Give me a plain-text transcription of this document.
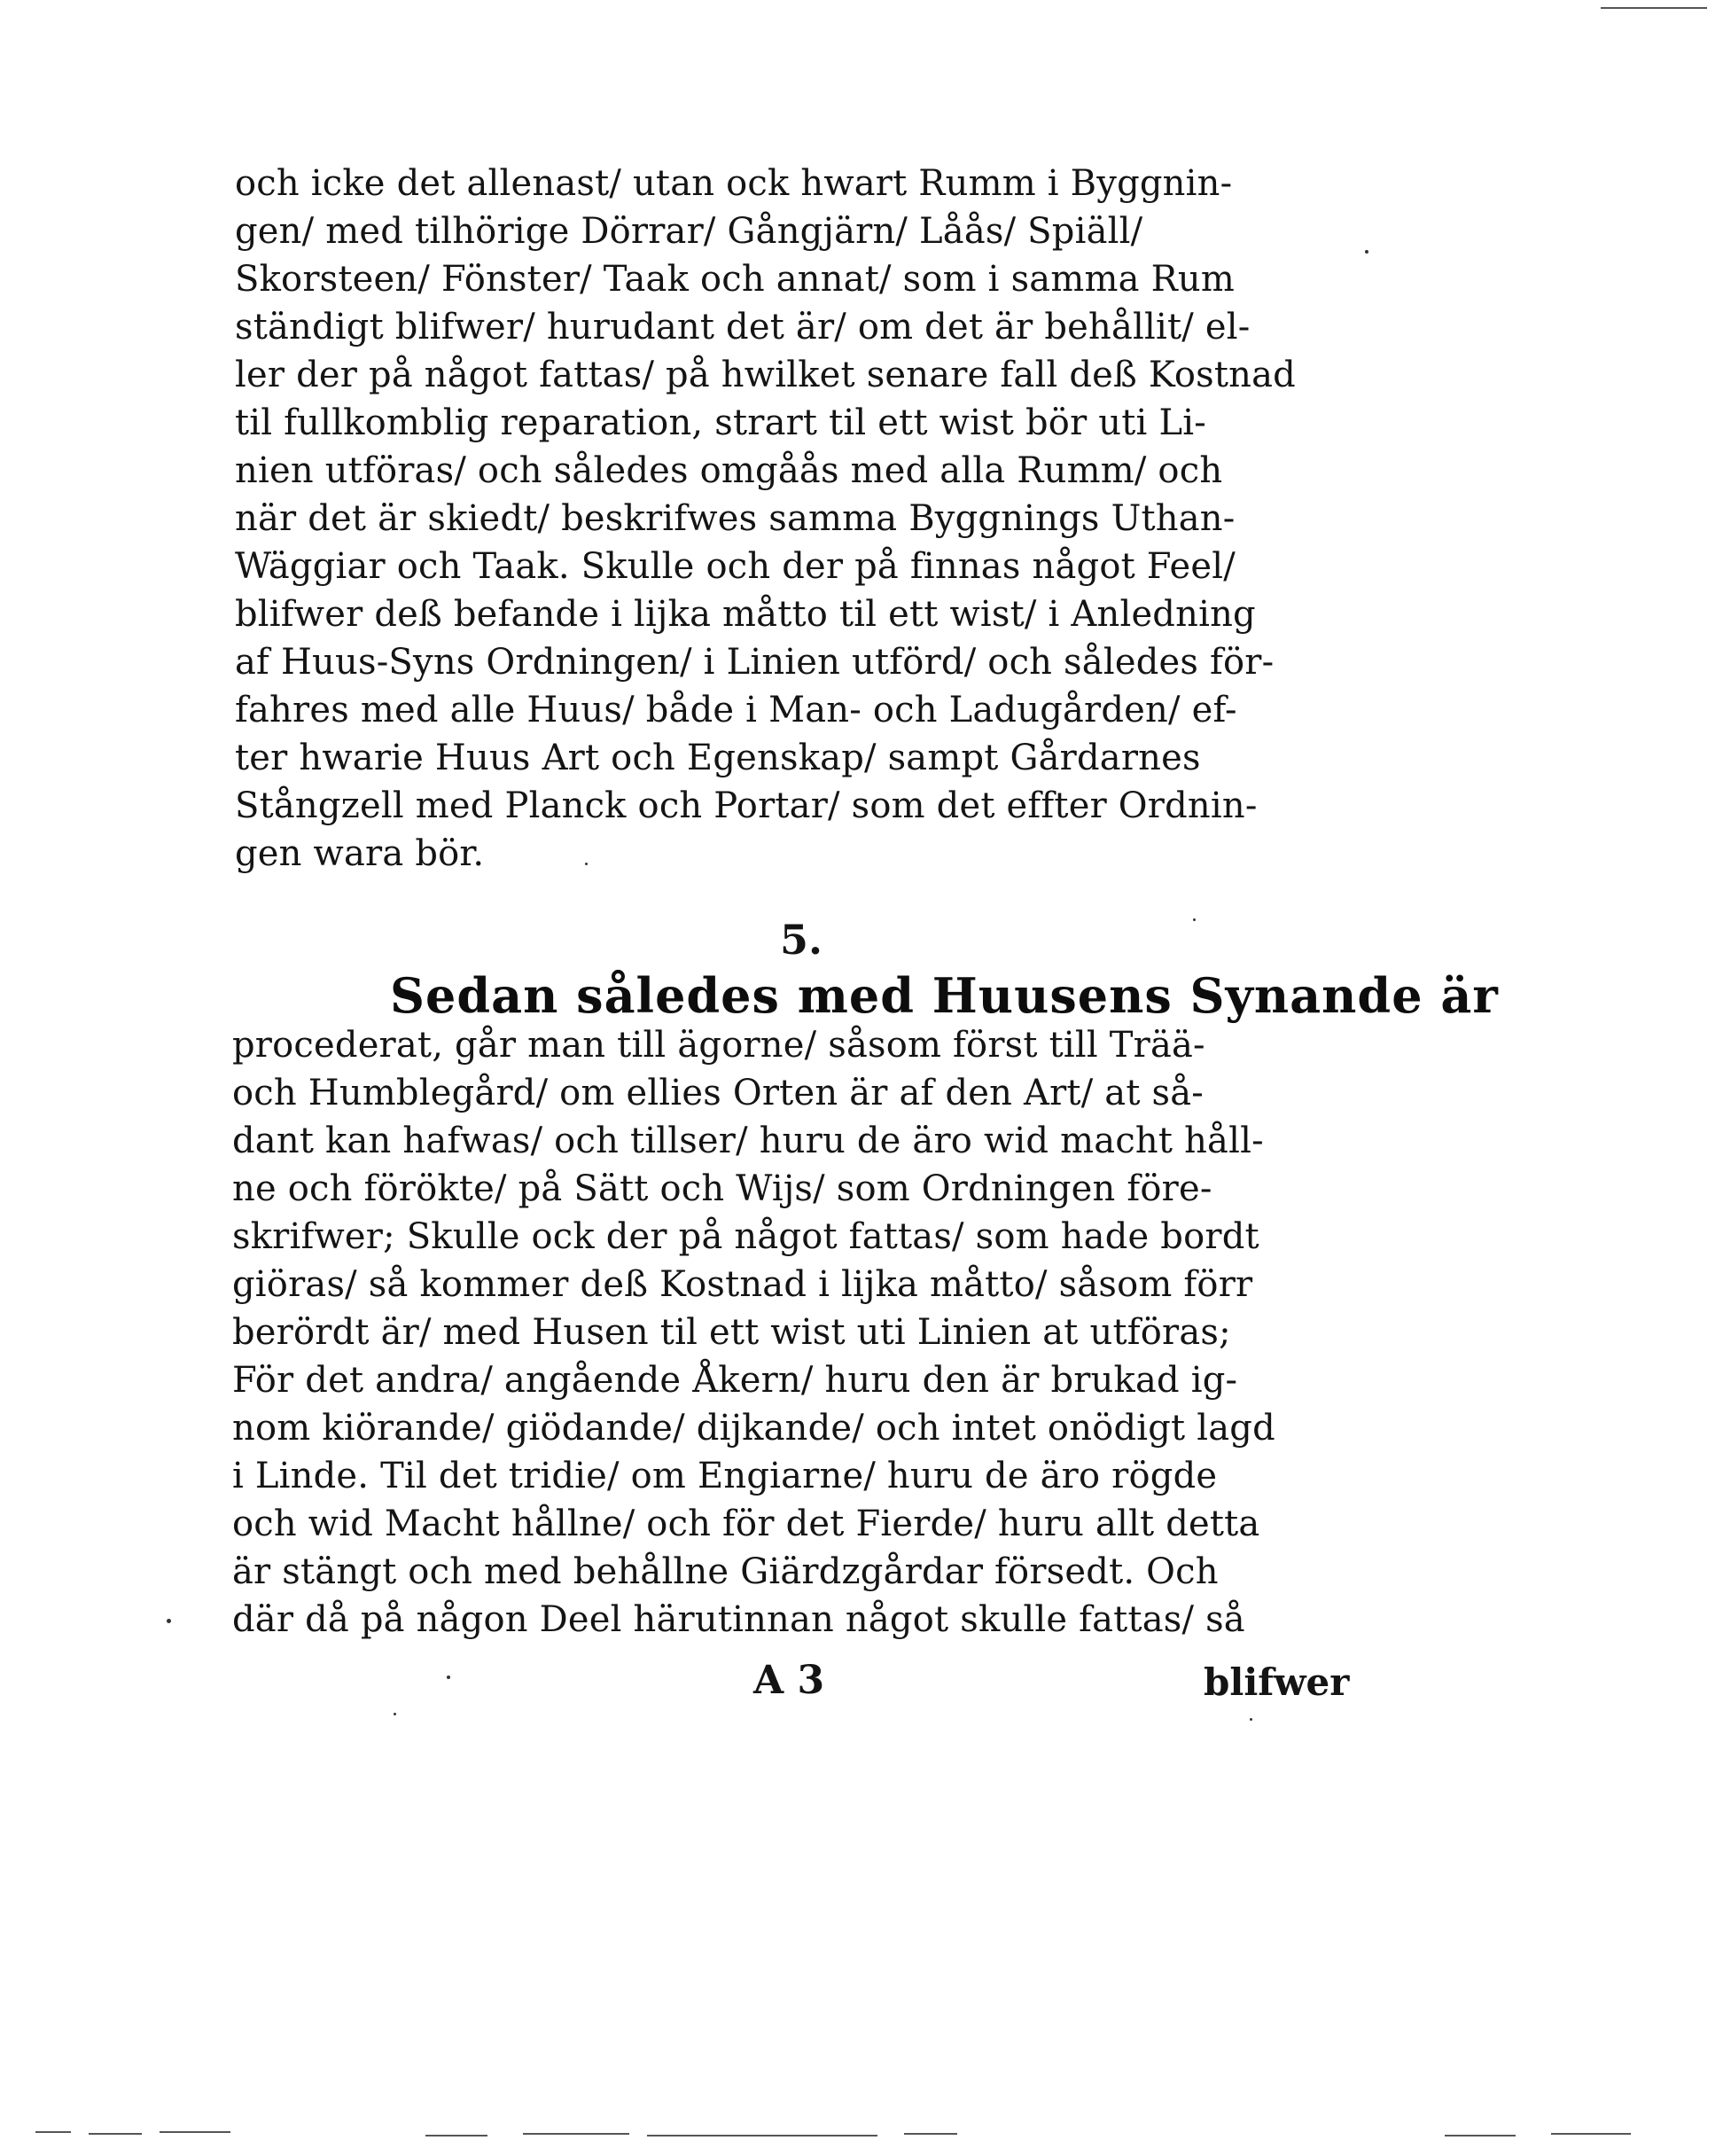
och icke det allenast/ utan ock hwart Rumm i Byggnin-
gen/ med tilhörige Dörrar/ Gångjärn/ Låås/ Spiäll/
Skorsteen/ Fönster/ Taak och annat/ som i samma Rum
ständigt blifwer/ hurudant det är/ om det är behållit/ el-
ler der på något fattas/ på hwilket senare fall deß Kostnad
til fullkomblig reparation, strart til ett wist bör uti Li-
nien utföras/ och således omgåås med alla Rumm/ och
när det är skiedt/ beskrifwes samma Byggnings Uthan-
Wäggiar och Taak. Skulle och der på finnas något Feel/
blifwer deß befande i lijka måtto til ett wist/ i Anledning
af Huus-Syns Ordningen/ i Linien utförd/ och således för-
fahres med alle Huus/ både i Man- och Ladugården/ ef-
ter hwarie Huus Art och Egenskap/ sampt Gårdarnes
Stångzell med Planck och Portar/ som det effter Ordnin-
gen wara bör.
5.
Sedan således med Huusens Synande är
procederat, går man till ägorne/ såsom först till Trää-
och Humblegård/ om ellies Orten är af den Art/ at så-
dant kan hafwas/ och tillser/ huru de äro wid macht håll-
ne och förökte/ på Sätt och Wijs/ som Ordningen före-
skrifwer; Skulle ock der på något fattas/ som hade bordt
giöras/ så kommer deß Kostnad i lijka måtto/ såsom förr
berördt är/ med Husen til ett wist uti Linien at utföras;
För det andra/ angående Åkern/ huru den är brukad ig-
nom kiörande/ giödande/ dijkande/ och intet onödigt lagd
i Linde. Til det tridie/ om Engiarne/ huru de äro rögde
och wid Macht hållne/ och för det Fierde/ huru allt detta
är stängt och med behållne Giärdzgårdar försedt. Och
där då på någon Deel härutinnan något skulle fattas/ så
A 3	blifwer
